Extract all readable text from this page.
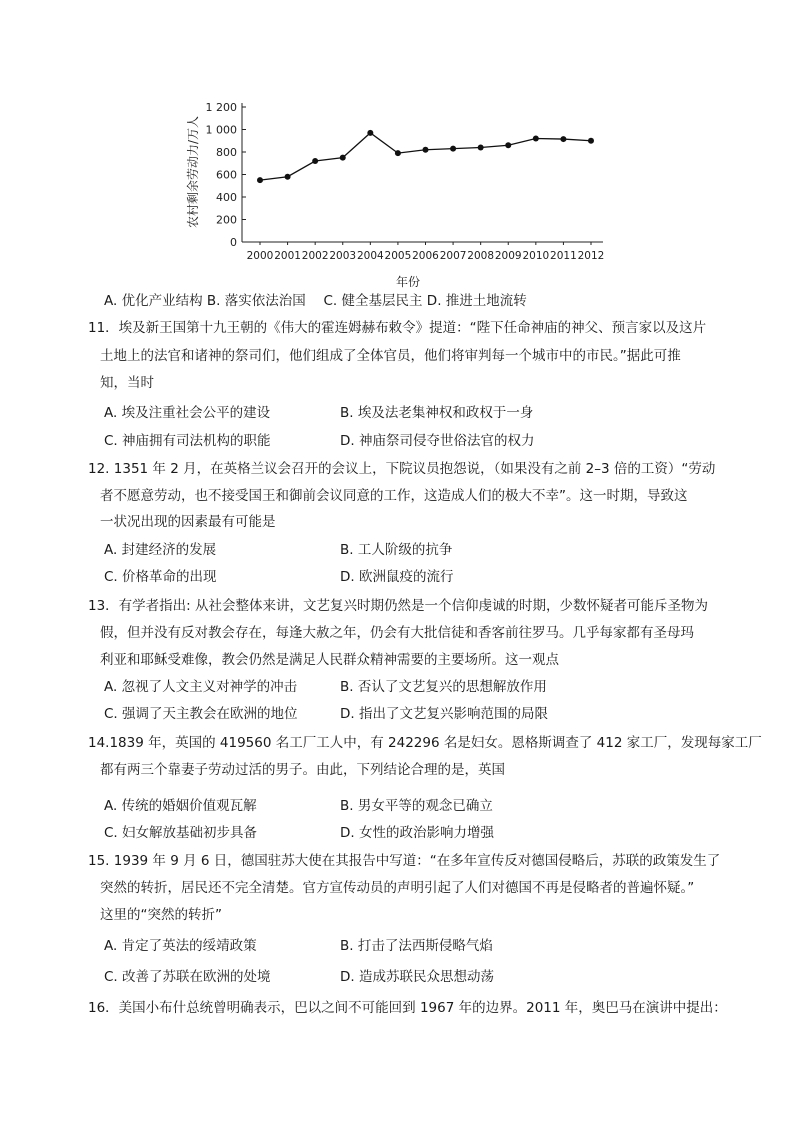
0
200
400
600
800
1 000
1 200
2000 2001 2002 2003 2004 2005 2006 2007 2008 2009 2010 2011 2012
农村剩余劳动力/万人
年份
A. 优化产业结构 B. 落实依法治国　 C. 健全基层民主 D. 推进土地流转
11．埃及新王国第十九王朝的《伟大的霍连姆赫布敕令》提道：“陛下任命神庙的神父、预言家以及这片
土地上的法官和诸神的祭司们，他们组成了全体官员，他们将审判每一个城市中的市民。”据此可推
知，当时
A. 埃及注重社会公平的建设	B. 埃及法老集神权和政权于一身
C. 神庙拥有司法机构的职能	D. 神庙祭司侵夺世俗法官的权力
12. 1351 年 2 月，在英格兰议会召开的会议上，下院议员抱怨说，（如果没有之前 2–3 倍的工资）“劳动
者不愿意劳动，也不接受国王和御前会议同意的工作，这造成人们的极大不幸”。这一时期，导致这
一状况出现的因素最有可能是
A. 封建经济的发展	B. 工人阶级的抗争
C. 价格革命的出现	D. 欧洲鼠疫的流行
13．有学者指出: 从社会整体来讲，文艺复兴时期仍然是一个信仰虔诚的时期，少数怀疑者可能斥圣物为
假，但并没有反对教会存在，每逢大赦之年，仍会有大批信徒和香客前往罗马。几乎每家都有圣母玛
利亚和耶稣受难像，教会仍然是满足人民群众精神需要的主要场所。这一观点
A. 忽视了人文主义对神学的冲击	B. 否认了文艺复兴的思想解放作用
C. 强调了天主教会在欧洲的地位	D. 指出了文艺复兴影响范围的局限
14.1839 年，英国的 419560 名工厂工人中，有 242296 名是妇女。恩格斯调查了 412 家工厂，发现每家工厂
都有两三个靠妻子劳动过活的男子。由此，下列结论合理的是，英国
A. 传统的婚姻价值观瓦解	B. 男女平等的观念已确立
C. 妇女解放基础初步具备	D. 女性的政治影响力增强
15. 1939 年 9 月 6 日，德国驻苏大使在其报告中写道：“在多年宣传反对德国侵略后，苏联的政策发生了
突然的转折，居民还不完全清楚。官方宣传动员的声明引起了人们对德国不再是侵略者的普遍怀疑。”
这里的“突然的转折”
A. 肯定了英法的绥靖政策	B. 打击了法西斯侵略气焰
C. 改善了苏联在欧洲的处境	D. 造成苏联民众思想动荡
16．美国小布什总统曾明确表示，巴以之间不可能回到 1967 年的边界。2011 年，奥巴马在演讲中提出：
